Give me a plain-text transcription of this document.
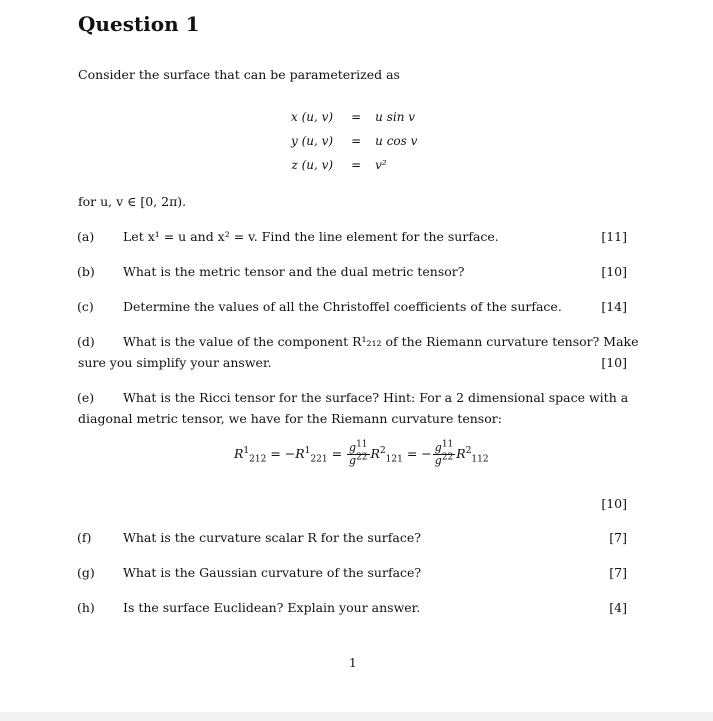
Question 1
Consider the surface that can be parameterized as
x (u, v)	=	u sin v
y (u, v)	=	u cos v
z (u, v)	=	v²
for u, v ∈ [0, 2π).
(a) Let x¹ = u and x² = v. Find the line element for the surface.	[11]
(b) What is the metric tensor and the dual metric tensor?	[10]
(c) Determine the values of all the Christoffel coefficients of the surface.	[14]
(d) What is the value of the component R¹₂₁₂ of the Riemann curvature tensor? Make
sure you simplify your answer.	[10]
(e) What is the Ricci tensor for the surface? Hint: For a 2 dimensional space with a
diagonal metric tensor, we have for the Riemann curvature tensor:
$R^1_{212} = -R^1_{221} = \frac{g^{11}}{g^{22}} R^2_{121}$ = − $\frac{g^{11}}{g^{22}} R^2_{112}$
[10]
(f)	What is the curvature scalar R for the surface?	[7]
(g) What is the Gaussian curvature of the surface?	[7]
(h) Is the surface Euclidean? Explain your answer.	[4]
1
